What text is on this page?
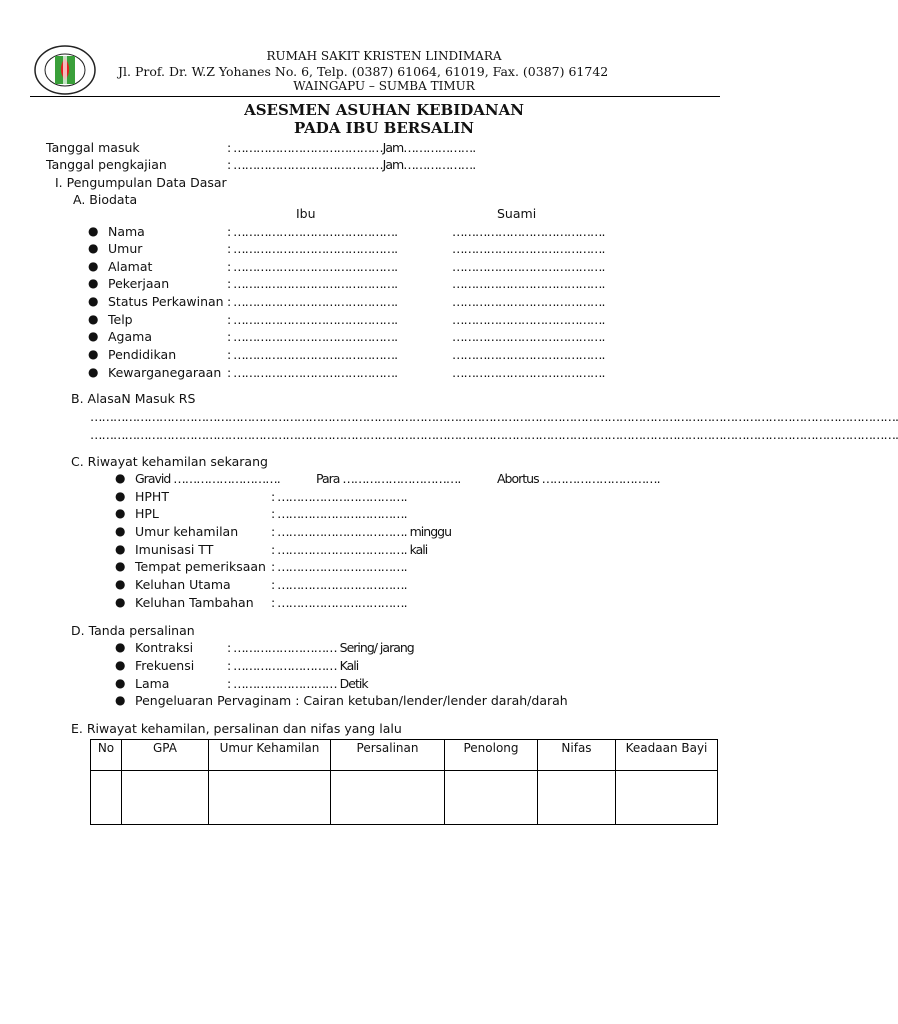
RUMAH SAKIT KRISTEN LINDIMARA
Jl. Prof. Dr. W.Z Yohanes No. 6, Telp. (0387) 61064, 61019, Fax. (0387) 61742
WAINGAPU – SUMBA TIMUR
ASESMEN ASUHAN KEBIDANAN
PADA IBU BERSALIN
Tanggal masuk	: …………………………………Jam……………….
Tanggal pengkajian	: …………………………………Jam……………….
I. Pengumpulan Data Dasar
A. Biodata
Ibu	Suami
● Nama	: …………………………………….	………………………………….
● Umur	: …………………………………….	………………………………….
● Alamat	: …………………………………….	………………………………….
● Pekerjaan	: …………………………………….	………………………………….
● Status Perkawinan : …………………………………….	………………………………….
● Telp	: …………………………………….	………………………………….
● Agama	: …………………………………….	………………………………….
● Pendidikan	: …………………………………….	………………………………….
● Kewarganegaraan : …………………………………….	………………………………….
B. AlasaN Masuk RS
………………………………………………………………………………………………………………………………………………………………………………………….
………………………………………………………………………………………………………………………………………………………………………………………….
C. Riwayat kehamilan sekarang
● Gravid ……………………….	Para ………………………….	Abortus ………………………….
● HPHT	: …………………………….
● HPL	: …………………………….
● Umur kehamilan	: ……………………………. minggu
● Imunisasi TT	: ……………………………. kali
● Tempat pemeriksaan : …………………………….
● Keluhan Utama	: …………………………….
● Keluhan Tambahan : …………………………….
D. Tanda persalinan
● Kontraksi	: ……………………… Sering/ jarang
● Frekuensi	: ……………………… Kali
● Lama	: ……………………… Detik
● Pengeluaran Pervaginam : Cairan ketuban/lender/lender darah/darah
E. Riwayat kehamilan, persalinan dan nifas yang lalu
No	GPA	Umur Kehamilan	Persalinan	Penolong	Nifas	Keadaan Bayi
